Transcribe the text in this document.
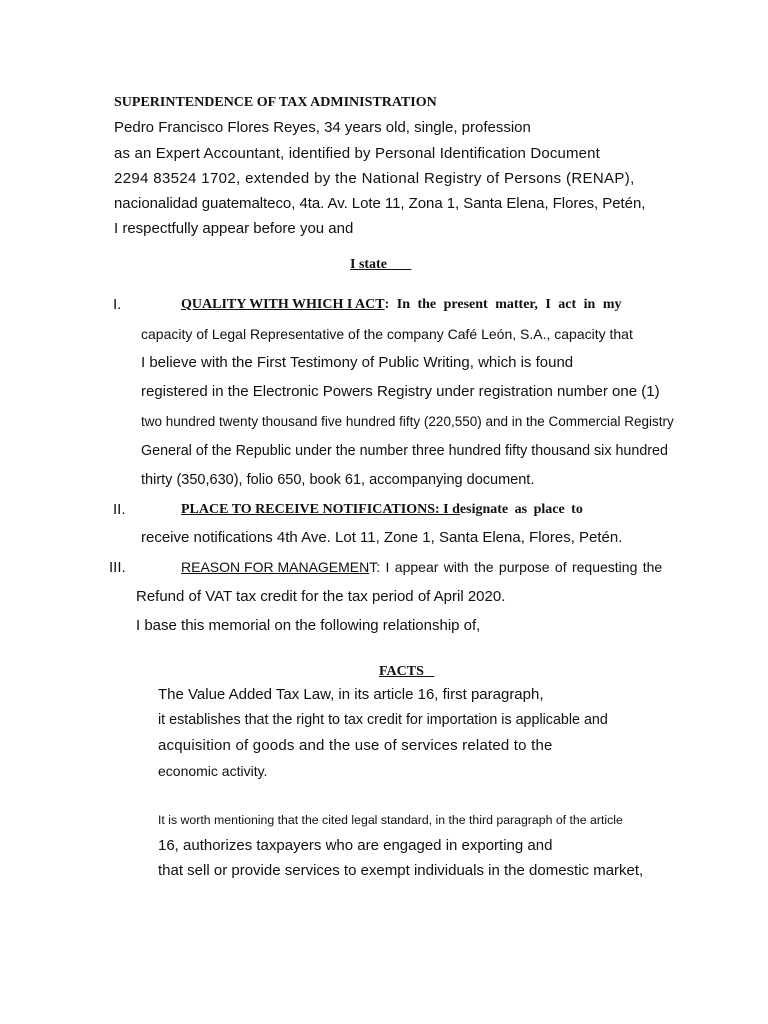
SUPERINTENDENCE OF TAX ADMINISTRATION
Pedro Francisco Flores Reyes, 34 years old, single, profession
as an Expert Accountant, identified by Personal Identification Document
2294 83524 1702, extended by the National Registry of Persons (RENAP),
nacionalidad guatemalteco, 4ta. Av. Lote 11, Zona 1, Santa Elena, Flores, Petén,
I respectfully appear before you and
I state
I.	QUALITY WITH WHICH I ACT: In the present matter, I act in my
capacity of Legal Representative of the company Café León, S.A., capacity that
I believe with the First Testimony of Public Writing, which is found
registered in the Electronic Powers Registry under registration number one (1)
two hundred twenty thousand five hundred fifty (220,550) and in the Commercial Registry
General of the Republic under the number three hundred fifty thousand six hundred
thirty (350,630), folio 650, book 61, accompanying document.
II.	PLACE TO RECEIVE NOTIFICATIONS: I designate as place to
receive notifications 4th Ave. Lot 11, Zone 1, Santa Elena, Flores, Petén.
III.	REASON FOR MANAGEMENT: I appear with the purpose of requesting the
Refund of VAT tax credit for the tax period of April 2020.
I base this memorial on the following relationship of,
FACTS
The Value Added Tax Law, in its article 16, first paragraph,
it establishes that the right to tax credit for importation is applicable and
acquisition of goods and the use of services related to the
economic activity.
It is worth mentioning that the cited legal standard, in the third paragraph of the article
16, authorizes taxpayers who are engaged in exporting and
that sell or provide services to exempt individuals in the domestic market,
